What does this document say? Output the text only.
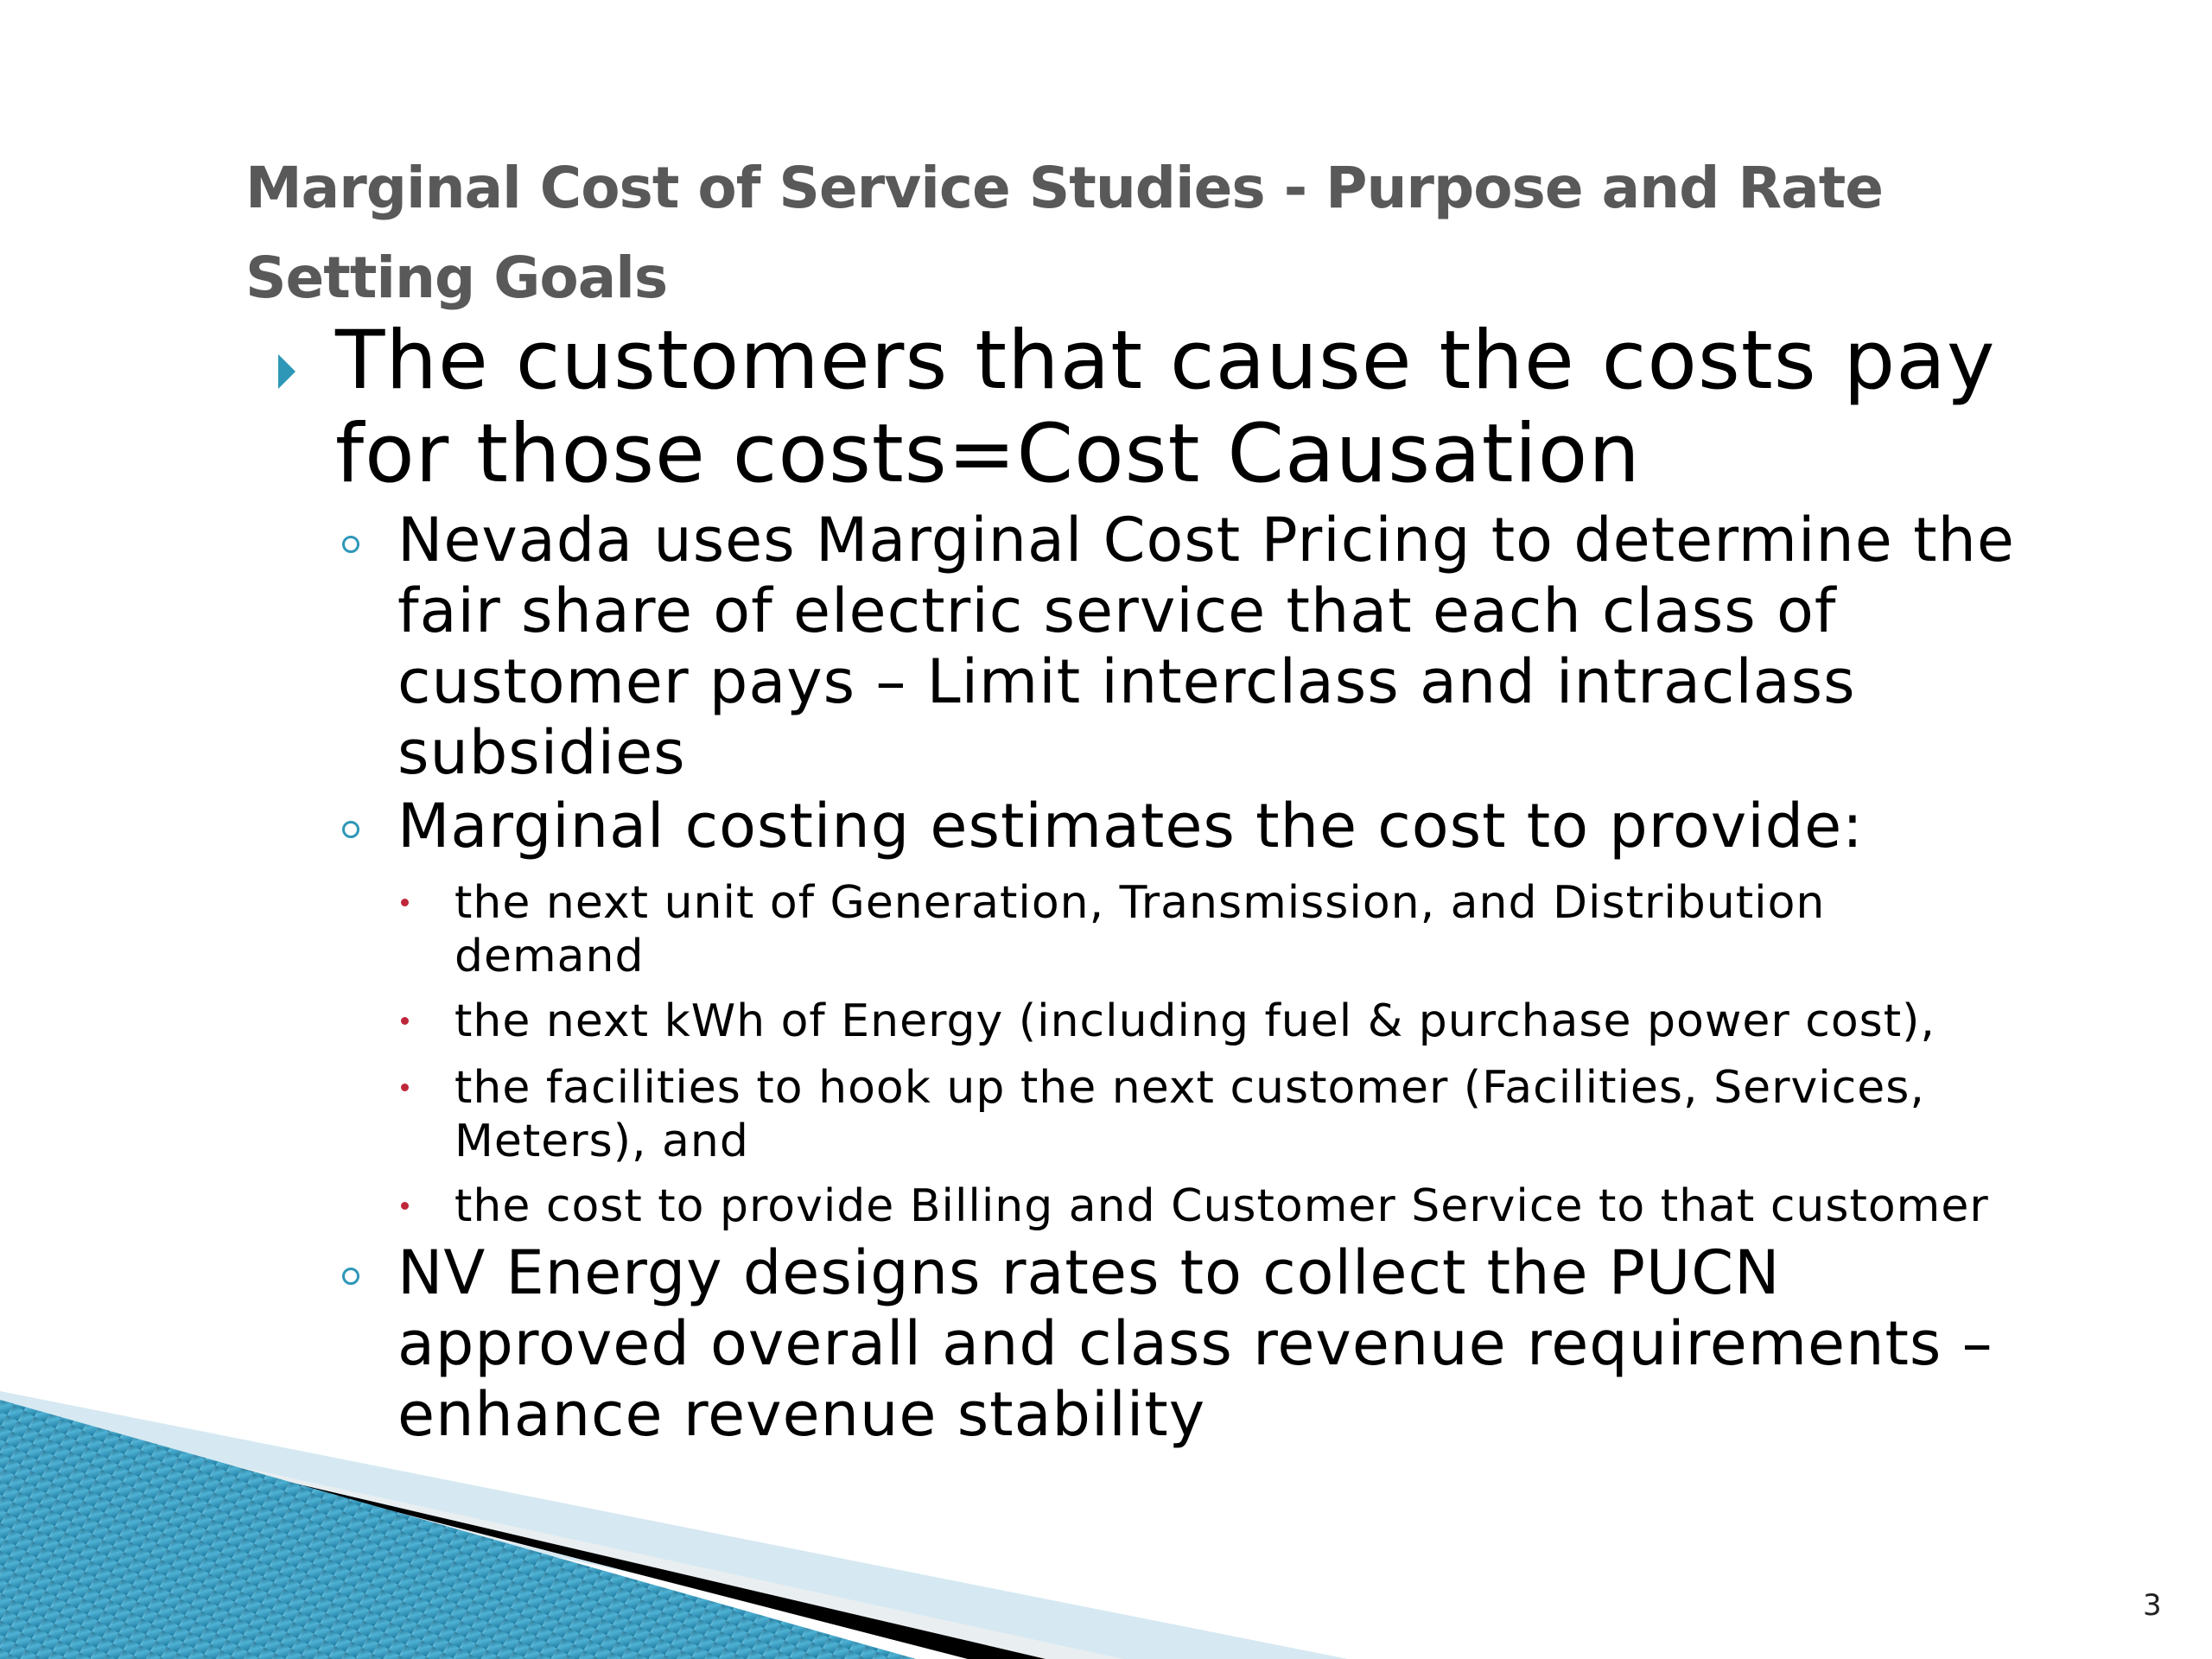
Marginal Cost of Service Studies - Purpose and Rate Setting Goals
The customers that cause the costs pay
for those costs=Cost Causation
Nevada uses Marginal Cost Pricing to determine the
fair share of electric service that each class of
customer pays – Limit interclass and intraclass
subsidies
Marginal costing estimates the cost to provide:
the next unit of Generation, Transmission, and Distribution
demand
the next kWh of Energy (including fuel & purchase power cost),
the facilities to hook up the next customer (Facilities, Services,
Meters), and
the cost to provide Billing and Customer Service to that customer
NV Energy designs rates to collect the PUCN
approved overall and class revenue requirements –
enhance revenue stability
3
